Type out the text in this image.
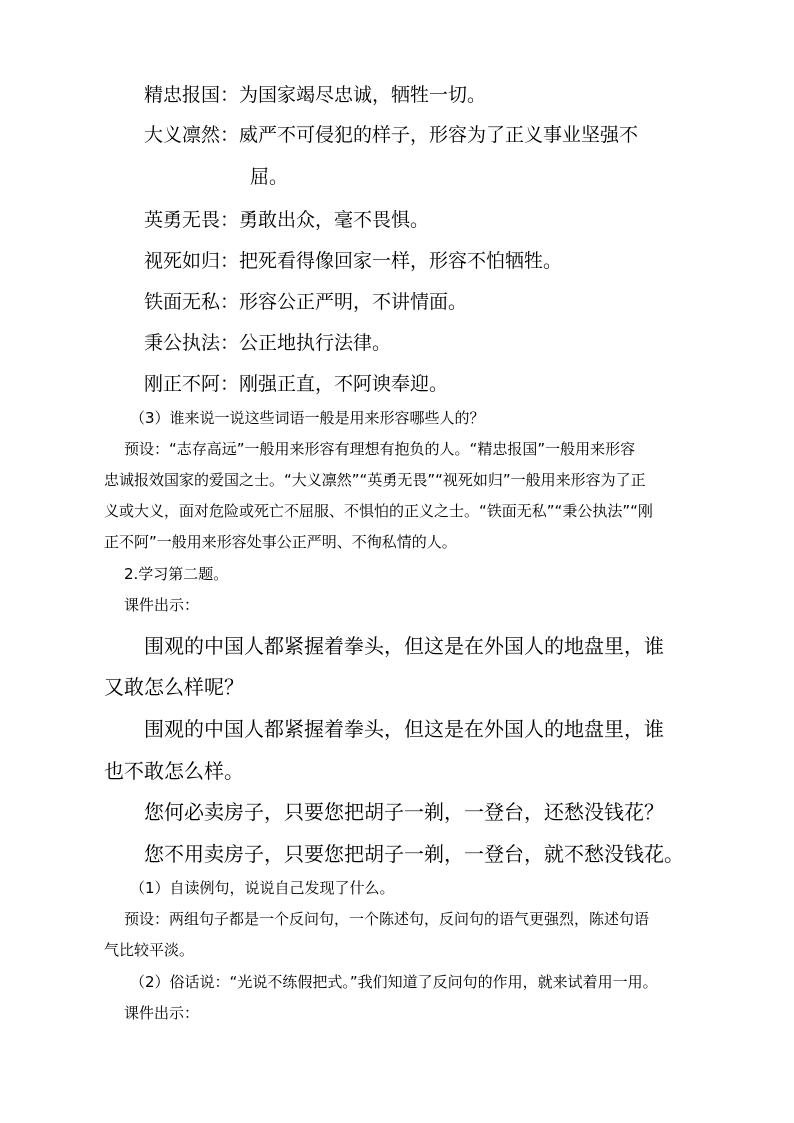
精忠报国：为国家竭尽忠诚，牺牲一切。
大义凛然：威严不可侵犯的样子，形容为了正义事业坚强不
屈。
英勇无畏：勇敢出众，毫不畏惧。
视死如归：把死看得像回家一样，形容不怕牺牲。
铁面无私：形容公正严明，不讲情面。
秉公执法：公正地执行法律。
刚正不阿：刚强正直，不阿谀奉迎。
（3）谁来说一说这些词语一般是用来形容哪些人的？
预设：“志存高远”一般用来形容有理想有抱负的人。“精忠报国”一般用来形容
忠诚报效国家的爱国之士。“大义凛然”“英勇无畏”“视死如归”一般用来形容为了正
义或大义，面对危险或死亡不屈服、不惧怕的正义之士。“铁面无私”“秉公执法”“刚
正不阿”一般用来形容处事公正严明、不徇私情的人。
2.学习第二题。
课件出示：
围观的中国人都紧握着拳头，但这是在外国人的地盘里，谁
又敢怎么样呢？
围观的中国人都紧握着拳头，但这是在外国人的地盘里，谁
也不敢怎么样。
您何必卖房子，只要您把胡子一剃，一登台，还愁没钱花？
您不用卖房子，只要您把胡子一剃，一登台，就不愁没钱花。
（1）自读例句，说说自己发现了什么。
预设：两组句子都是一个反问句，一个陈述句，反问句的语气更强烈，陈述句语
气比较平淡。
（2）俗话说：“光说不练假把式。”我们知道了反问句的作用，就来试着用一用。
课件出示：
